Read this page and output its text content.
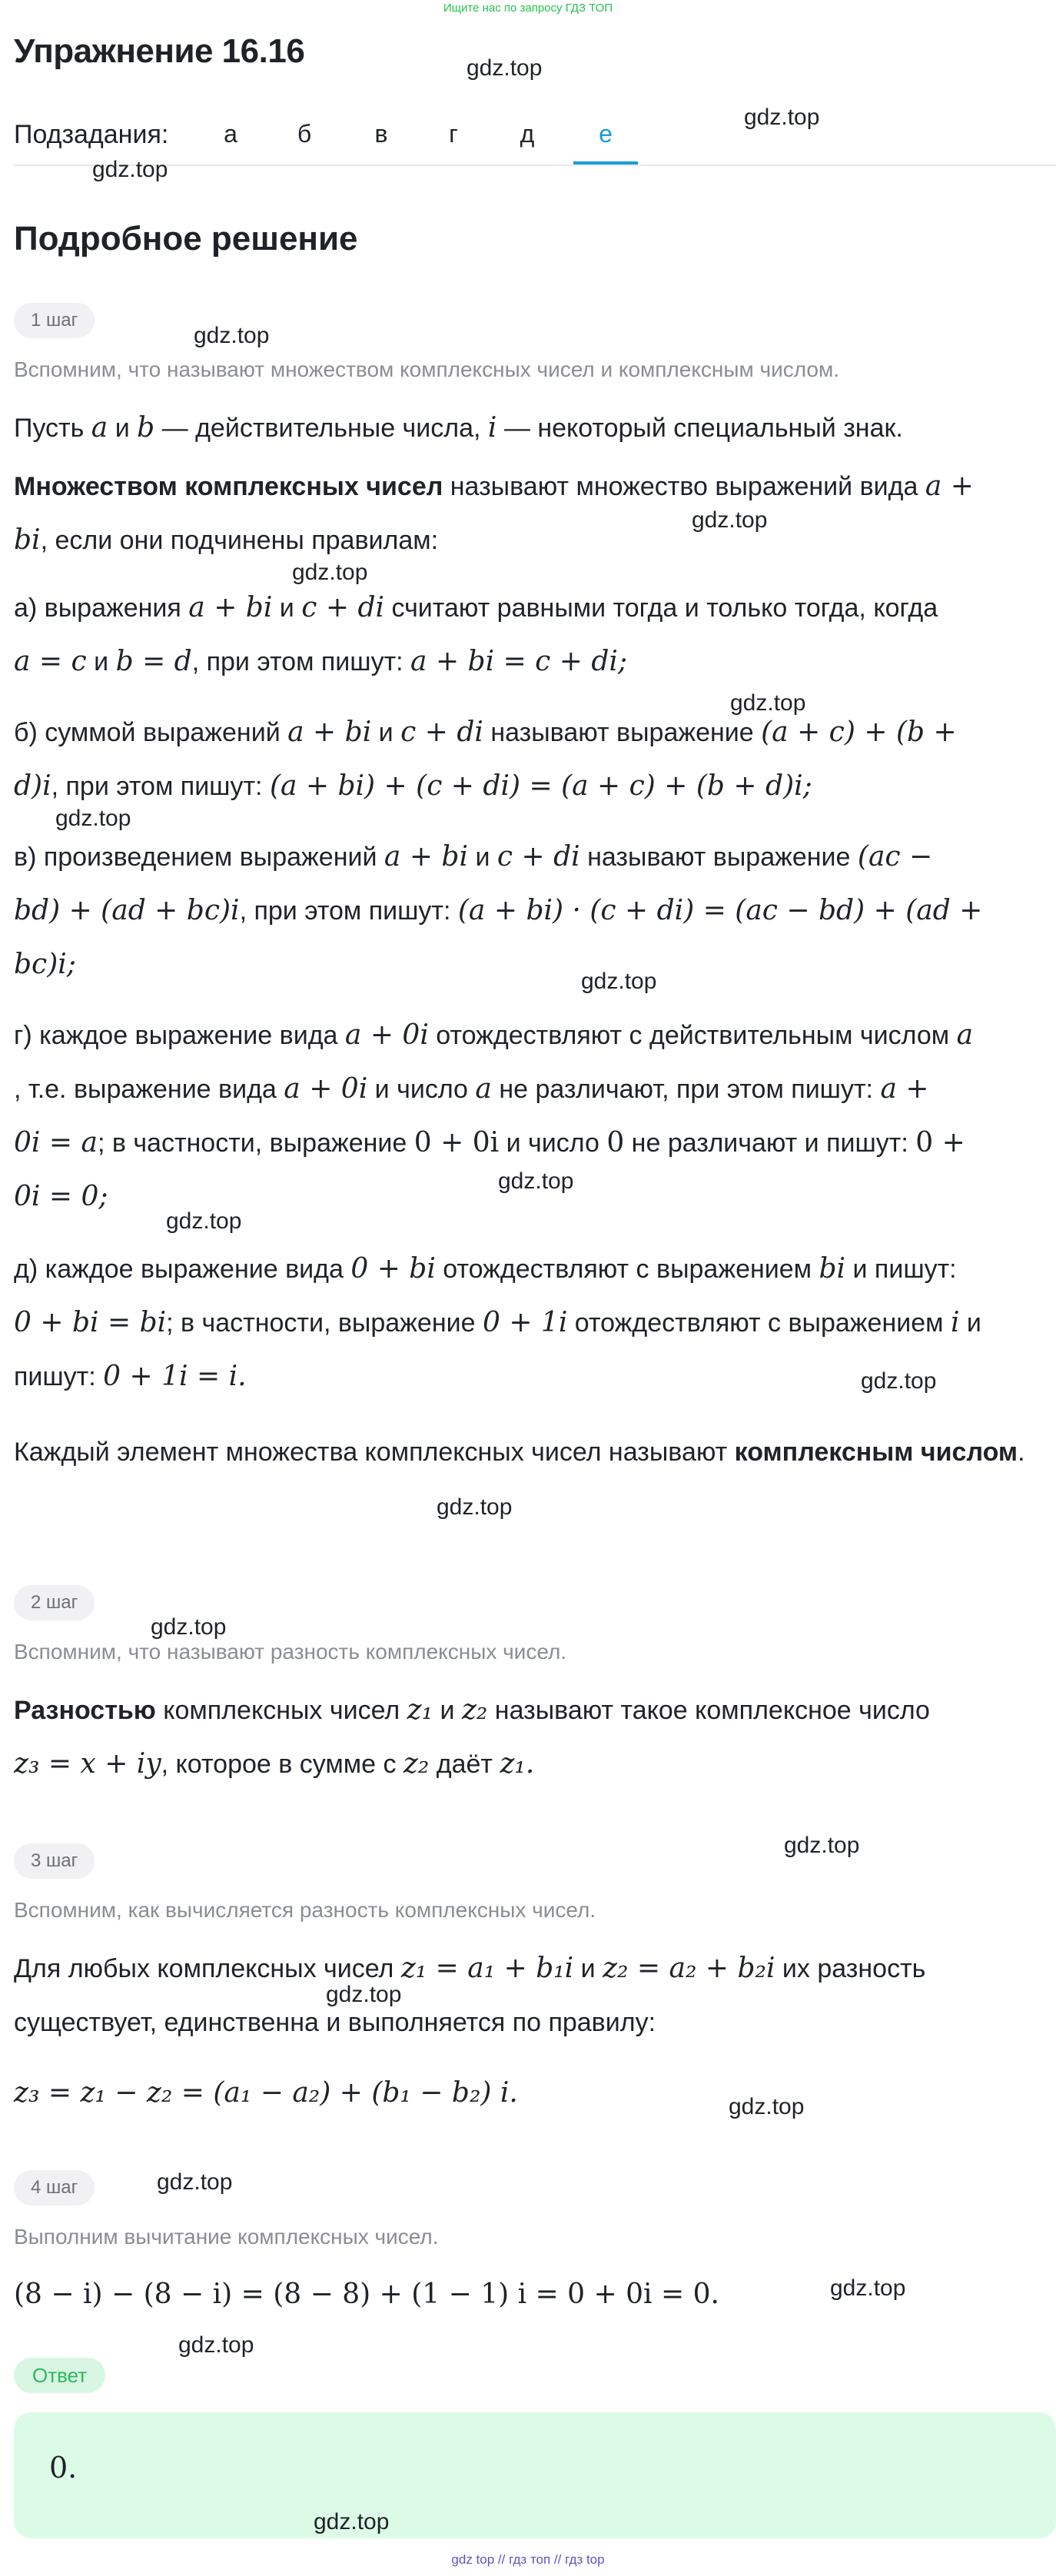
Ищите нас по запросу ГДЗ ТОП
Упражнение 16.16
Подзадания:	а	б	в	г	д	е
Подробное решение
1 шаг
Вспомним, что называют множеством комплексных чисел и комплексным числом.
Пусть a и b — действительные числа, i — некоторый специальный знак.
Множеством комплексных чисел называют множество выражений вида a +
bi, если они подчинены правилам:
а) выражения a + bi и c + di считают равными тогда и только тогда, когда
a = c и b = d, при этом пишут: a + bi = c + di;
б) суммой выражений a + bi и c + di называют выражение (a + c) + (b +
d)i, при этом пишут: (a + bi) + (c + di) = (a + c) + (b + d)i;
в) произведением выражений a + bi и c + di называют выражение (ac −
bd) + (ad + bc)i, при этом пишут: (a + bi) · (c + di) = (ac − bd) + (ad +
bc)i;
г) каждое выражение вида a + 0i отождествляют с действительным числом a
, т.е. выражение вида a + 0i и число a не различают, при этом пишут: a +
0i = a; в частности, выражение 0 + 0i и число 0 не различают и пишут: 0 +
0i = 0;
д) каждое выражение вида 0 + bi отождествляют с выражением bi и пишут:
0 + bi = bi; в частности, выражение 0 + 1i отождествляют с выражением i и
пишут: 0 + 1i = i.
Каждый элемент множества комплексных чисел называют комплексным числом.
2 шаг
Вспомним, что называют разность комплексных чисел.
Разностью комплексных чисел z₁ и z₂ называют такое комплексное число
z₃ = x + iy, которое в сумме с z₂ даёт z₁.
3 шаг
Вспомним, как вычисляется разность комплексных чисел.
Для любых комплексных чисел z₁ = a₁ + b₁i и z₂ = a₂ + b₂i их разность
существует, единственна и выполняется по правилу:
z₃ = z₁ − z₂ = (a₁ − a₂) + (b₁ − b₂) i.
4 шаг
Выполним вычитание комплексных чисел.
(8 − i) − (8 − i) = (8 − 8) + (1 − 1) i = 0 + 0i = 0.
Ответ
0.
gdz.top
gdz.top
gdz.top
gdz.top
gdz.top
gdz.top
gdz.top
gdz.top
gdz.top
gdz.top
gdz.top
gdz.top
gdz.top
gdz.top
gdz.top
gdz.top
gdz.top
gdz.top
gdz.top
gdz.top
gdz.top
gdz top // гдз топ // гдз top
